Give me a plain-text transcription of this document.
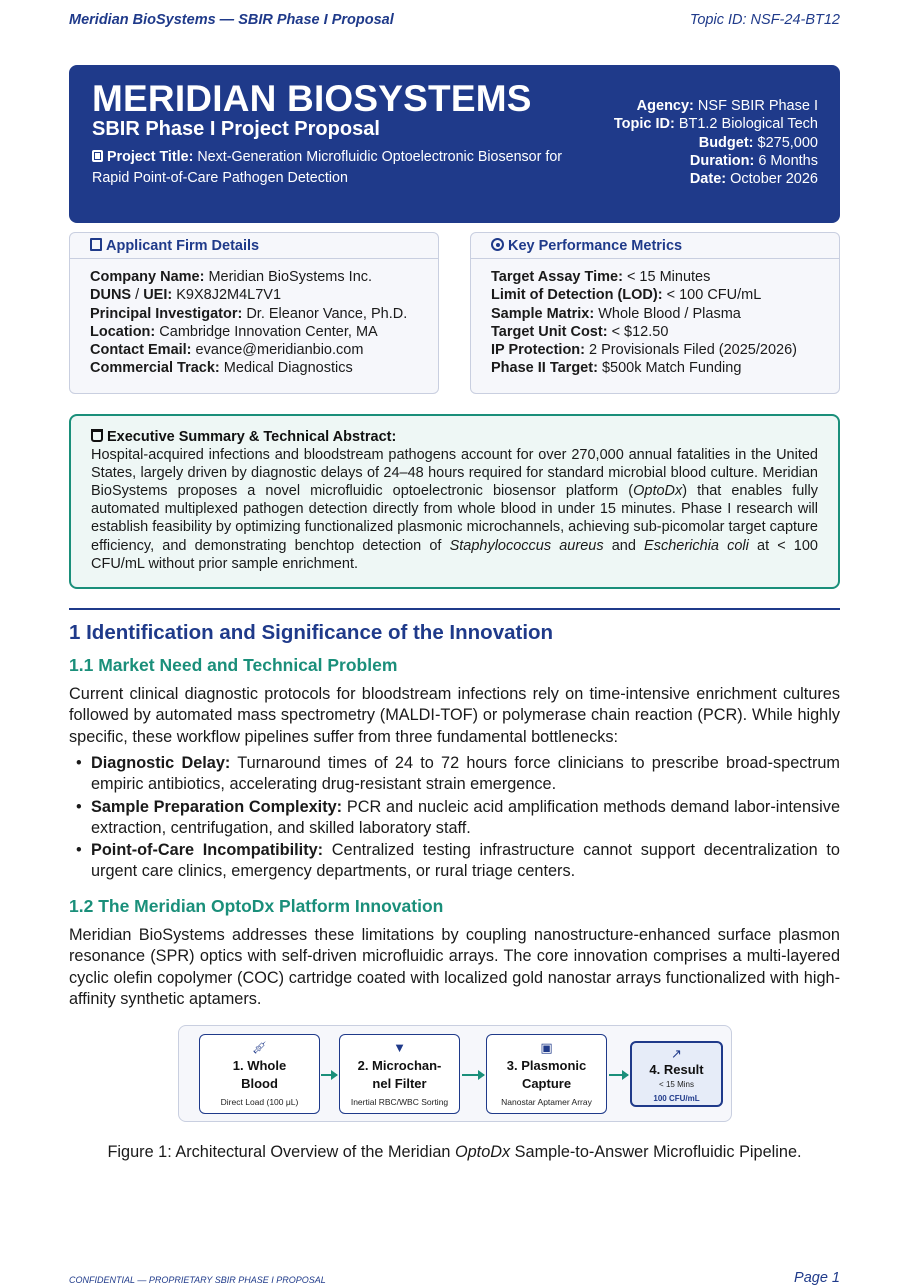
Meridian BioSystems — SBIR Phase I Proposal	Topic ID: NSF-24-BT12
MERIDIAN BIOSYSTEMS
SBIR Phase I Project Proposal
Project Title: Next-Generation Microfluidic Optoelectronic Biosensor for Rapid Point-of-Care Pathogen Detection
Agency: NSF SBIR Phase I
Topic ID: BT1.2 Biological Tech
Budget: $275,000
Duration: 6 Months
Date: October 2026
Applicant Firm Details
Company Name: Meridian BioSystems Inc.
DUNS / UEI: K9X8J2M4L7V1
Principal Investigator: Dr. Eleanor Vance, Ph.D.
Location: Cambridge Innovation Center, MA
Contact Email: evance@meridianbio.com
Commercial Track: Medical Diagnostics
Key Performance Metrics
Target Assay Time: < 15 Minutes
Limit of Detection (LOD): < 100 CFU/mL
Sample Matrix: Whole Blood / Plasma
Target Unit Cost: < $12.50
IP Protection: 2 Provisionals Filed (2025/2026)
Phase II Target: $500k Match Funding
Executive Summary & Technical Abstract:
Hospital-acquired infections and bloodstream pathogens account for over 270,000 annual fatalities in the United States, largely driven by diagnostic delays of 24–48 hours required for standard microbial blood culture. Meridian BioSystems proposes a novel microfluidic optoelectronic biosensor platform (OptoDx) that enables fully automated multiplexed pathogen detection directly from whole blood in under 15 minutes. Phase I research will establish feasibility by optimizing functionalized plasmonic microchannels, achieving sub-picomolar target capture efficiency, and demonstrating benchtop detection of Staphylococcus aureus and Escherichia coli at < 100 CFU/mL without prior sample enrichment.
1 Identification and Significance of the Innovation
1.1 Market Need and Technical Problem
Current clinical diagnostic protocols for bloodstream infections rely on time-intensive enrichment cultures followed by automated mass spectrometry (MALDI-TOF) or polymerase chain reaction (PCR). While highly specific, these workflow pipelines suffer from three fundamental bottlenecks:
• Diagnostic Delay: Turnaround times of 24 to 72 hours force clinicians to prescribe broad-spectrum empiric antibiotics, accelerating drug-resistant strain emergence.
• Sample Preparation Complexity: PCR and nucleic acid amplification methods demand labor-intensive extraction, centrifugation, and skilled laboratory staff.
• Point-of-Care Incompatibility: Centralized testing infrastructure cannot support decentralization to urgent care clinics, emergency departments, or rural triage centers.
1.2 The Meridian OptoDx Platform Innovation
Meridian BioSystems addresses these limitations by coupling nanostructure-enhanced surface plasmon resonance (SPR) optics with self-driven microfluidic arrays. The core innovation comprises a multi-layered cyclic olefin copolymer (COC) cartridge coated with localized gold nanostar arrays functionalized with high-affinity synthetic aptamers.
💉︎
1. Whole Blood
Direct Load (100 μL)
▼
2. Microchan-nel Filter
Inertial RBC/WBC Sorting
▣
3. Plasmonic Capture
Nanostar Aptamer Array
↗
4. Result
< 15 Mins
100 CFU/mL
Figure 1: Architectural Overview of the Meridian OptoDx Sample-to-Answer Microfluidic Pipeline.
CONFIDENTIAL — PROPRIETARY SBIR PHASE I PROPOSAL	Page 1
